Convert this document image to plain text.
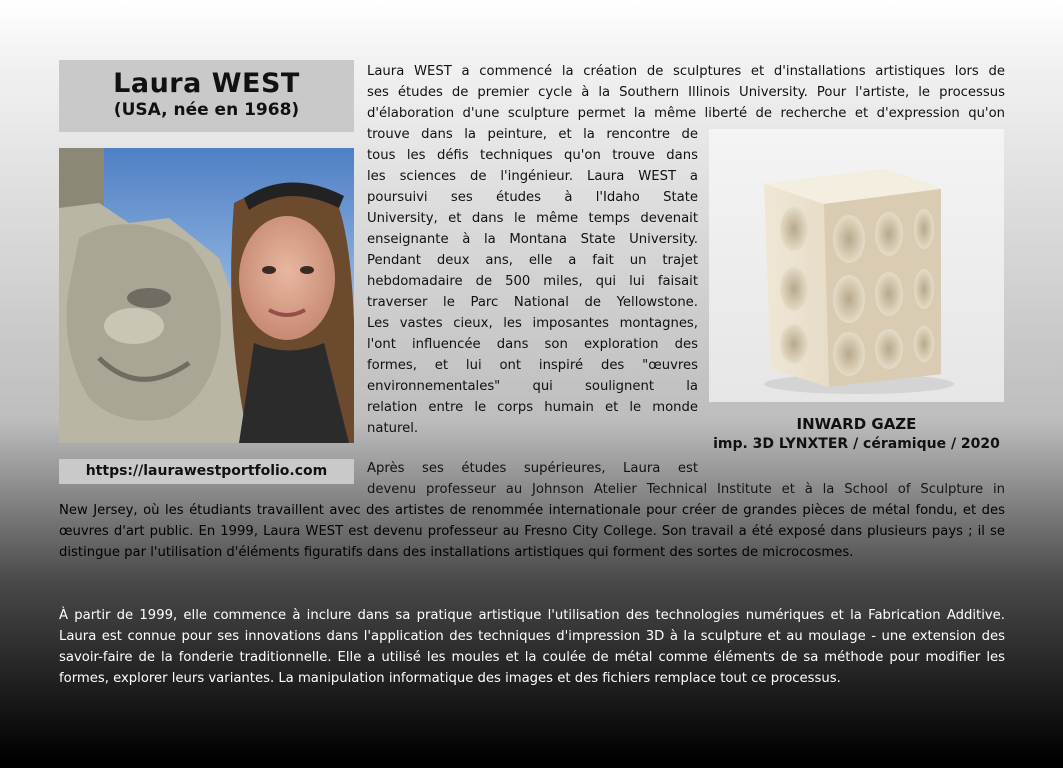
Laura WEST
(USA, née en 1968)
https://laurawestportfolio.com
Laura WEST a commencé la création de sculptures et d'installations artistiques lors de
ses études de premier cycle à la Southern Illinois University. Pour l'artiste, le processus
d'élaboration d'une sculpture permet la même liberté de recherche et d'expression qu'on
trouve dans la peinture, et la rencontre de
tous les défis techniques qu'on trouve dans
les sciences de l'ingénieur. Laura WEST a
poursuivi ses études à l'Idaho State
University, et dans le même temps devenait
enseignante à la Montana State University.
Pendant deux ans, elle a fait un trajet
hebdomadaire de 500 miles, qui lui faisait
traverser le Parc National de Yellowstone.
Les vastes cieux, les imposantes montagnes,
l'ont influencée dans son exploration des
formes, et lui ont inspiré des "œuvres
environnementales" qui soulignent la
relation entre le corps humain et le monde
naturel.	INWARD GAZE
imp. 3D LYNXTER / céramique / 2020
Après ses études supérieures, Laura est
devenu professeur au Johnson Atelier Technical Institute et à la School of Sculpture in
New Jersey, où les étudiants travaillent avec des artistes de renommée internationale pour créer de grandes pièces de métal fondu, et des œuvres d'art public. En 1999, Laura WEST est devenu professeur au Fresno City College. Son travail a été exposé dans plusieurs pays ; il se distingue par l'utilisation d'éléments figuratifs dans des installations artistiques qui forment des sortes de microcosmes.
À partir de 1999, elle commence à inclure dans sa pratique artistique l'utilisation des technologies numériques et la Fabrication Additive. Laura est connue pour ses innovations dans l'application des techniques d'impression 3D à la sculpture et au moulage - une extension des savoir-faire de la fonderie traditionnelle. Elle a utilisé les moules et la coulée de métal comme éléments de sa méthode pour modifier les formes, explorer leurs variantes. La manipulation informatique des images et des fichiers remplace tout ce processus.
